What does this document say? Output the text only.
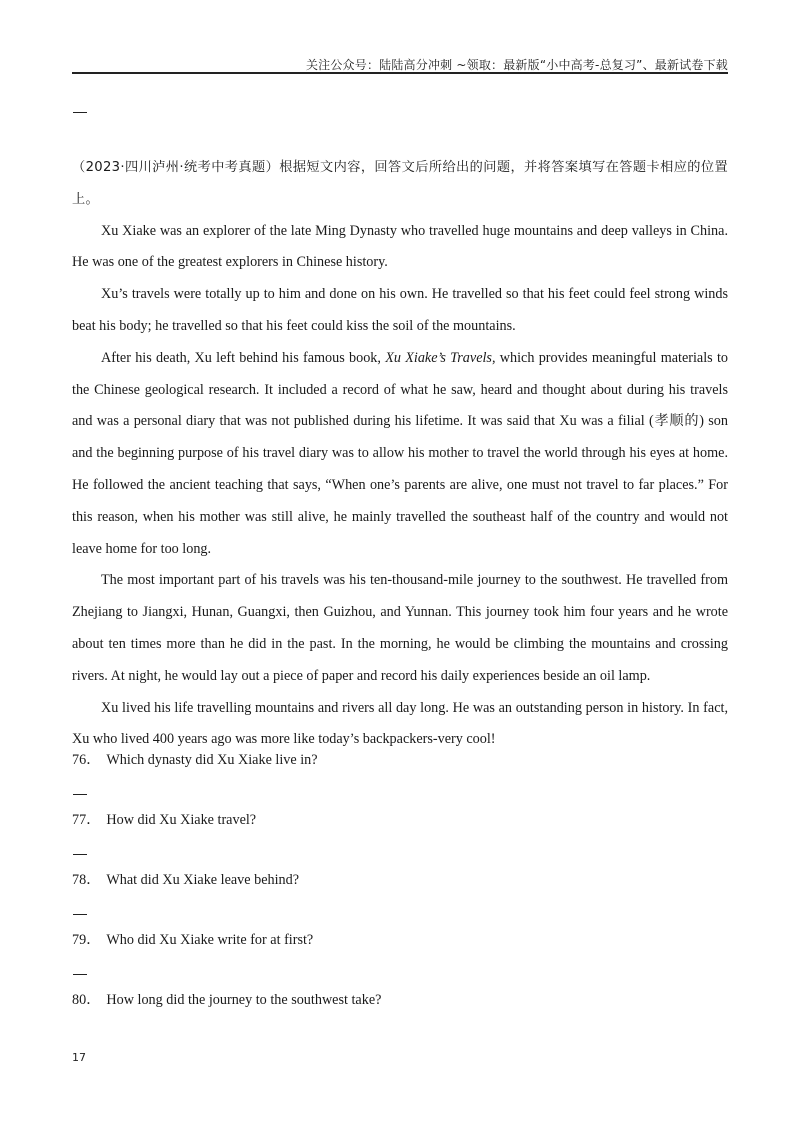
关注公众号：陆陆高分冲刺 ~领取：最新版“小中高考-总复习”、最新试卷下载

（2023·四川泸州·统考中考真题）根据短文内容，回答文后所给出的问题，并将答案填写在答题卡相应的位置上。

Xu Xiake was an explorer of the late Ming Dynasty who travelled huge mountains and deep valleys in China. He was one of the greatest explorers in Chinese history.

Xu’s travels were totally up to him and done on his own. He travelled so that his feet could feel strong winds beat his body; he travelled so that his feet could kiss the soil of the mountains.

After his death, Xu left behind his famous book, Xu Xiake’s Travels, which provides meaningful materials to the Chinese geological research. It included a record of what he saw, heard and thought about during his travels and was a personal diary that was not published during his lifetime. It was said that Xu was a filial (孝顺的) son and the beginning purpose of his travel diary was to allow his mother to travel the world through his eyes at home. He followed the ancient teaching that says, “When one’s parents are alive, one must not travel to far places.” For this reason, when his mother was still alive, he mainly travelled the southeast half of the country and would not leave home for too long.

The most important part of his travels was his ten-thousand-mile journey to the southwest. He travelled from Zhejiang to Jiangxi, Hunan, Guangxi, then Guizhou, and Yunnan. This journey took him four years and he wrote about ten times more than he did in the past. In the morning, he would be climbing the mountains and crossing rivers. At night, he would lay out a piece of paper and record his daily experiences beside an oil lamp.

Xu lived his life travelling mountains and rivers all day long. He was an outstanding person in history. In fact, Xu who lived 400 years ago was more like today’s backpackers-very cool!

76． Which dynasty did Xu Xiake live in?
77． How did Xu Xiake travel?
78． What did Xu Xiake leave behind?
79． Who did Xu Xiake write for at first?
80． How long did the journey to the southwest take?
17
